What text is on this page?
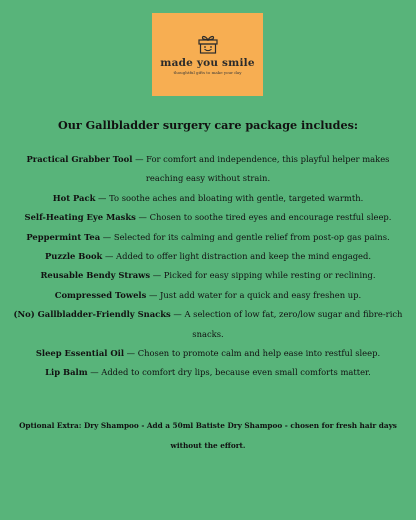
made you smile
thoughtful gifts to make your day
Our Gallbladder surgery care package includes:
Practical Grabber Tool — For comfort and independence, this playful helper makes reaching easy without strain.
Hot Pack — To soothe aches and bloating with gentle, targeted warmth.
Self-Heating Eye Masks — Chosen to soothe tired eyes and encourage restful sleep.
Peppermint Tea — Selected for its calming and gentle relief from post-op gas pains.
Puzzle Book — Added to offer light distraction and keep the mind engaged.
Reusable Bendy Straws — Picked for easy sipping while resting or reclining.
Compressed Towels — Just add water for a quick and easy freshen up.
(No) Gallbladder-Friendly Snacks — A selection of low fat, zero/low sugar and fibre-rich snacks.
Sleep Essential Oil — Chosen to promote calm and help ease into restful sleep.
Lip Balm — Added to comfort dry lips, because even small comforts matter.

Optional Extra: Dry Shampoo - Add a 50ml Batiste Dry Shampoo - chosen for fresh hair days without the effort.
